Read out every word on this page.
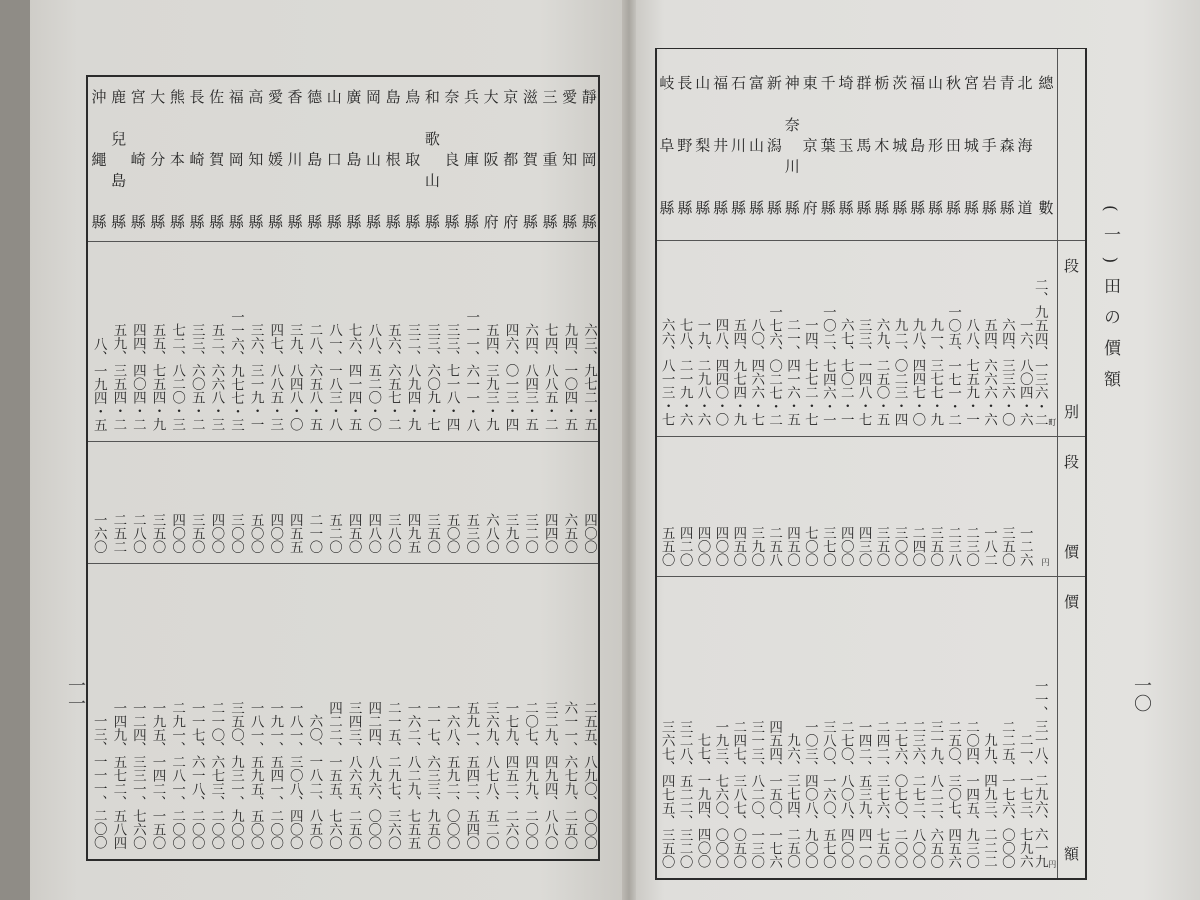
靜岡縣
愛知縣
三重縣
滋賀縣
京都府
大阪府
兵庫縣
奈良縣
和歌山縣
鳥取縣
島根縣
岡山縣
廣島縣
山口縣
德島縣
香川縣
愛媛縣
高知縣
福岡縣
佐賀縣
長崎縣
熊本縣
大分縣
宮崎縣
鹿兒島縣
沖繩縣
六三、九七二・五
九四、一〇四・五
七四、八八五・二
六四、八四三・五
四六、〇一三・四
五四、三九三・九
一一一、六一一・八
三三、七一八・四
三三、六〇九・七
三二、八九四・九
五六、六五七・二
八八、五二〇・〇
七六、四一四・五
八一、一八三・八
二八、六五八・五
三九、八四八・〇
四七、八八五・三
三六、三一九・一
一一六、九七七・三
五二、六六八・三
三三、六〇五・二
七二、八二〇・三
五五、七五四・九
四四、四〇四・二
五九、三五四・二
八、一九四・五
四〇〇
六五〇
四四〇
三二〇
三九〇
六八〇
五三〇
五〇〇
三五〇
四九五
三八〇
四八〇
四五〇
五二〇
二一〇
四五五
四〇〇
五〇〇
三〇〇
四〇〇
三五〇
四〇〇
三五〇
二八〇
二五二
一六〇
二五五、八九〇、〇〇〇
六一一、六七九、二五〇
三二九、四九四、八八〇
二〇七、四九九、二〇〇
一七九、四五二、二六〇
三六九、八七八、五二〇
五九一、五四二、五四〇
一六八、五九二、〇〇〇
一一七、六三三、九五〇
一六二、八二九、七五五
二一五、二九七、三六〇
四二四、八九六、〇〇〇
三四三、八六五、二五〇
四二二、一五五、七六〇
六〇、一八二、八五〇
一八一、三〇八、四〇〇
一九一、五四一、二〇〇
一八一、五九五、五〇〇
三五〇、九三一、九〇〇
二一〇、六七三、二〇〇
一一七、六一八、二〇〇
二九一、二八一、二〇〇
一九五、一四二、一五〇
一二四、三三一、七六〇
一四九、五七二、五八四
一三、一一一、二〇〇
總數
北海道
青森縣
岩手縣
宮城縣
秋田縣
山形縣
福島縣
茨城縣
栃木縣
群馬縣
埼玉縣
千葉縣
東京府
神奈川縣
新潟縣
富山縣
石川縣
福井縣
山梨縣
長野縣
岐阜縣
段
別
二、九五四、一三六・二 町
一六、八〇四・六
六四、三三六・〇
五四、六六六・六
八八、七五九・一
一〇五、一七一・二
九一、三七七・九
九八、四四七・〇
九二、〇二三・四
六九、二五〇・五
三三、一四八・七
六七、七〇二・一
一〇二、七四六・一
一四、七七二・七
二一、四一六・五
一七六、〇二七・二
八〇、四六六・七
五四、九七四・九
四八、四四〇・〇
一九、二九八・六
七八、二一九・六
六六、八一三・七
段
價
円
一二六
三五〇
一八二
二三〇
二三八
三五〇
二四〇
三〇〇
三五〇
四三〇
四〇〇
三七〇
七〇〇
四五〇
二五八
三九〇
四五〇
四〇〇
四〇〇
四二〇
五五〇
價
額
一一、三一八、二九六、六一九 円
二一、一七三、七九六
二二五、一七六、〇〇〇
九九、四九三、二二二
二〇四、一四五、九三〇
二五〇、三〇七、四五六
三一九、八二二、六五〇
二三六、二七二、八〇〇
二七六、〇七〇、二〇〇
二四二、三七六、七五〇
一四二、五三九、四一〇
二七〇、八〇八、四〇〇
三八〇、一六〇、五七〇
一〇三、四〇八、九〇〇
九六、三七四、二五〇
四五四、一五〇、一七六
三一三、八二〇、一三〇
二四七、三八七、〇五〇
一九三、七六〇、〇〇〇
七七、一九四、四〇〇
三二八、五二二、三二〇
三六七、四七五、三五〇
(一)田の價額
一〇
一一
